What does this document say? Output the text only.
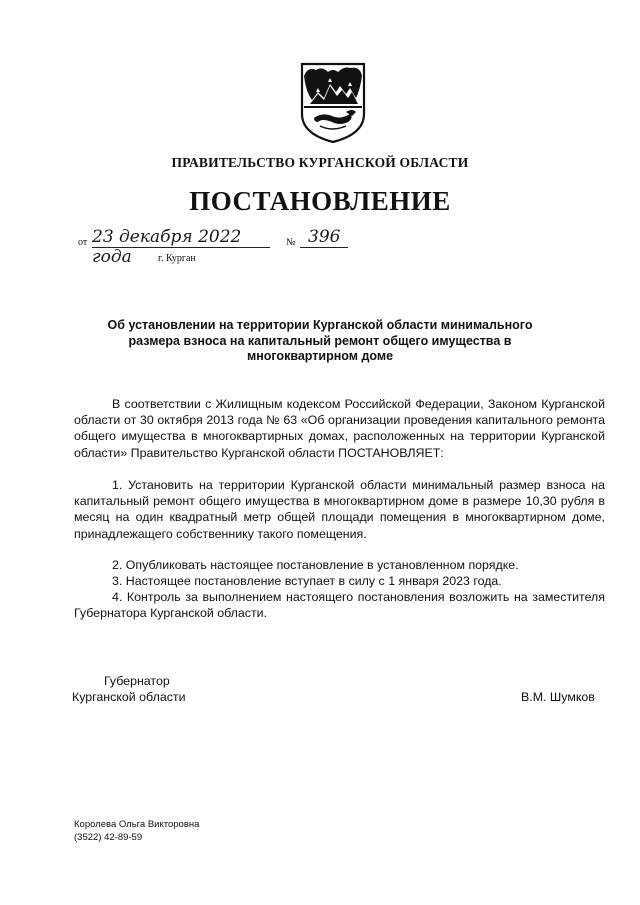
ПРАВИТЕЛЬСТВО КУРГАНСКОЙ ОБЛАСТИ
ПОСТАНОВЛЕНИЕ
от 23 декабря 2022 года
№ 396
г. Курган
Об установлении на территории Курганской области минимального
размера взноса на капитальный ремонт общего имущества в
многоквартирном доме

В соответствии с Жилищным кодексом Российской Федерации, Законом Курганской области от 30 октября 2013 года № 63 «Об организации проведения капитального ремонта общего имущества в многоквартирных домах, расположенных на территории Курганской области» Правительство Курганской области ПОСТАНОВЛЯЕТ:

1. Установить на территории Курганской области минимальный размер взноса на капитальный ремонт общего имущества в многоквартирном доме в размере 10,30 рубля в месяц на один квадратный метр общей площади помещения в многоквартирном доме, принадлежащего собственнику такого помещения.

2. Опубликовать настоящее постановление в установленном порядке.

3. Настоящее постановление вступает в силу с 1 января 2023 года.

4. Контроль за выполнением настоящего постановления возложить на заместителя Губернатора Курганской области.

Губернатор
Курганской области	В.М. Шумков
Королева Ольга Викторовна
(3522) 42-89-59
